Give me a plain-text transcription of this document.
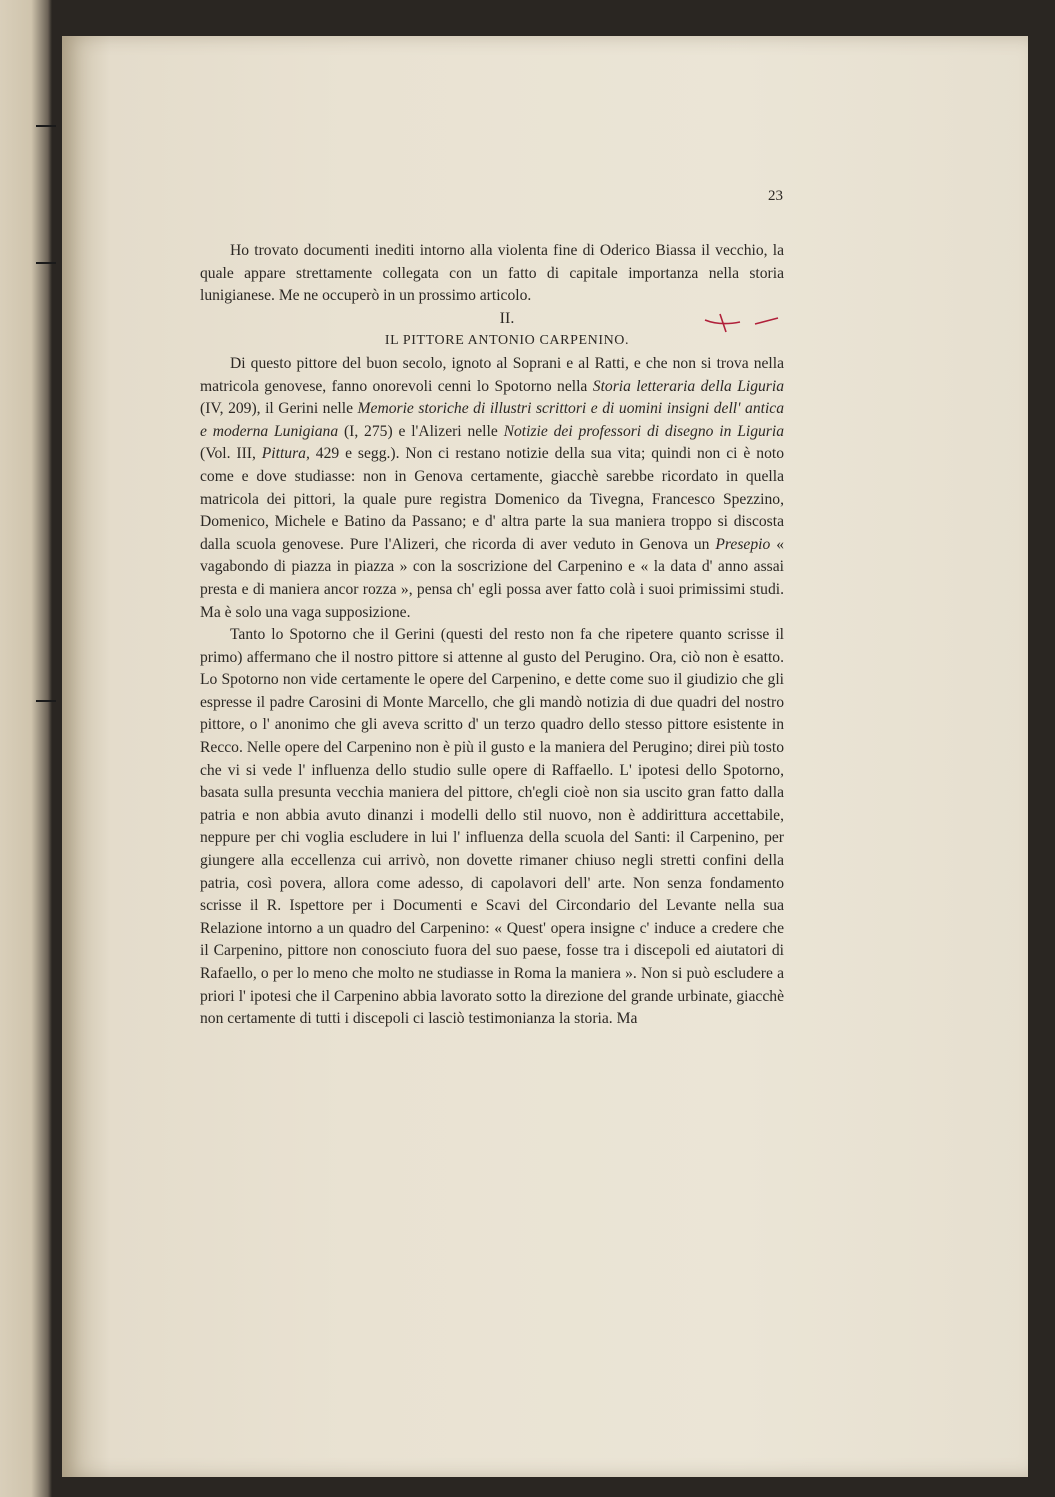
23

Ho trovato documenti inediti intorno alla violenta fine di Oderico Biassa il vecchio, la quale appare strettamente collegata con un fatto di capitale importanza nella storia lunigianese. Me ne occuperò in un prossimo articolo.

II.

IL PITTORE ANTONIO CARPENINO.

Di questo pittore del buon secolo, ignoto al Soprani e al Ratti, e che non si trova nella matricola genovese, fanno onorevoli cenni lo Spotorno nella Storia letteraria della Liguria (IV, 209), il Gerini nelle Memorie storiche di illustri scrittori e di uomini insigni dell' antica e moderna Lunigiana (I, 275) e l'Alizeri nelle Notizie dei professori di disegno in Liguria (Vol. III, Pittura, 429 e segg.). Non ci restano notizie della sua vita; quindi non ci è noto come e dove studiasse: non in Genova certamente, giacchè sarebbe ricordato in quella matricola dei pittori, la quale pure registra Domenico da Tivegna, Francesco Spezzino, Domenico, Michele e Batino da Passano; e d' altra parte la sua maniera troppo si discosta dalla scuola genovese. Pure l'Alizeri, che ricorda di aver veduto in Genova un Presepio « vagabondo di piazza in piazza » con la soscrizione del Carpenino e « la data d' anno assai presta e di maniera ancor rozza », pensa ch' egli possa aver fatto colà i suoi primissimi studi. Ma è solo una vaga supposizione.

Tanto lo Spotorno che il Gerini (questi del resto non fa che ripetere quanto scrisse il primo) affermano che il nostro pittore si attenne al gusto del Perugino. Ora, ciò non è esatto. Lo Spotorno non vide certamente le opere del Carpenino, e dette come suo il giudizio che gli espresse il padre Carosini di Monte Marcello, che gli mandò notizia di due quadri del nostro pittore, o l' anonimo che gli aveva scritto d' un terzo quadro dello stesso pittore esistente in Recco. Nelle opere del Carpenino non è più il gusto e la maniera del Perugino; direi più tosto che vi si vede l' influenza dello studio sulle opere di Raffaello. L' ipotesi dello Spotorno, basata sulla presunta vecchia maniera del pittore, ch'egli cioè non sia uscito gran fatto dalla patria e non abbia avuto dinanzi i modelli dello stil nuovo, non è addirittura accettabile, neppure per chi voglia escludere in lui l' influenza della scuola del Santi: il Carpenino, per giungere alla eccellenza cui arrivò, non dovette rimaner chiuso negli stretti confini della patria, così povera, allora come adesso, di capolavori dell' arte. Non senza fondamento scrisse il R. Ispettore per i Documenti e Scavi del Circondario del Levante nella sua Relazione intorno a un quadro del Carpenino: « Quest' opera insigne c' induce a credere che il Carpenino, pittore non conosciuto fuora del suo paese, fosse tra i discepoli ed aiutatori di Rafaello, o per lo meno che molto ne studiasse in Roma la maniera ». Non si può escludere a priori l' ipotesi che il Carpenino abbia lavorato sotto la direzione del grande urbinate, giacchè non certamente di tutti i discepoli ci lasciò testimonianza la storia. Ma
